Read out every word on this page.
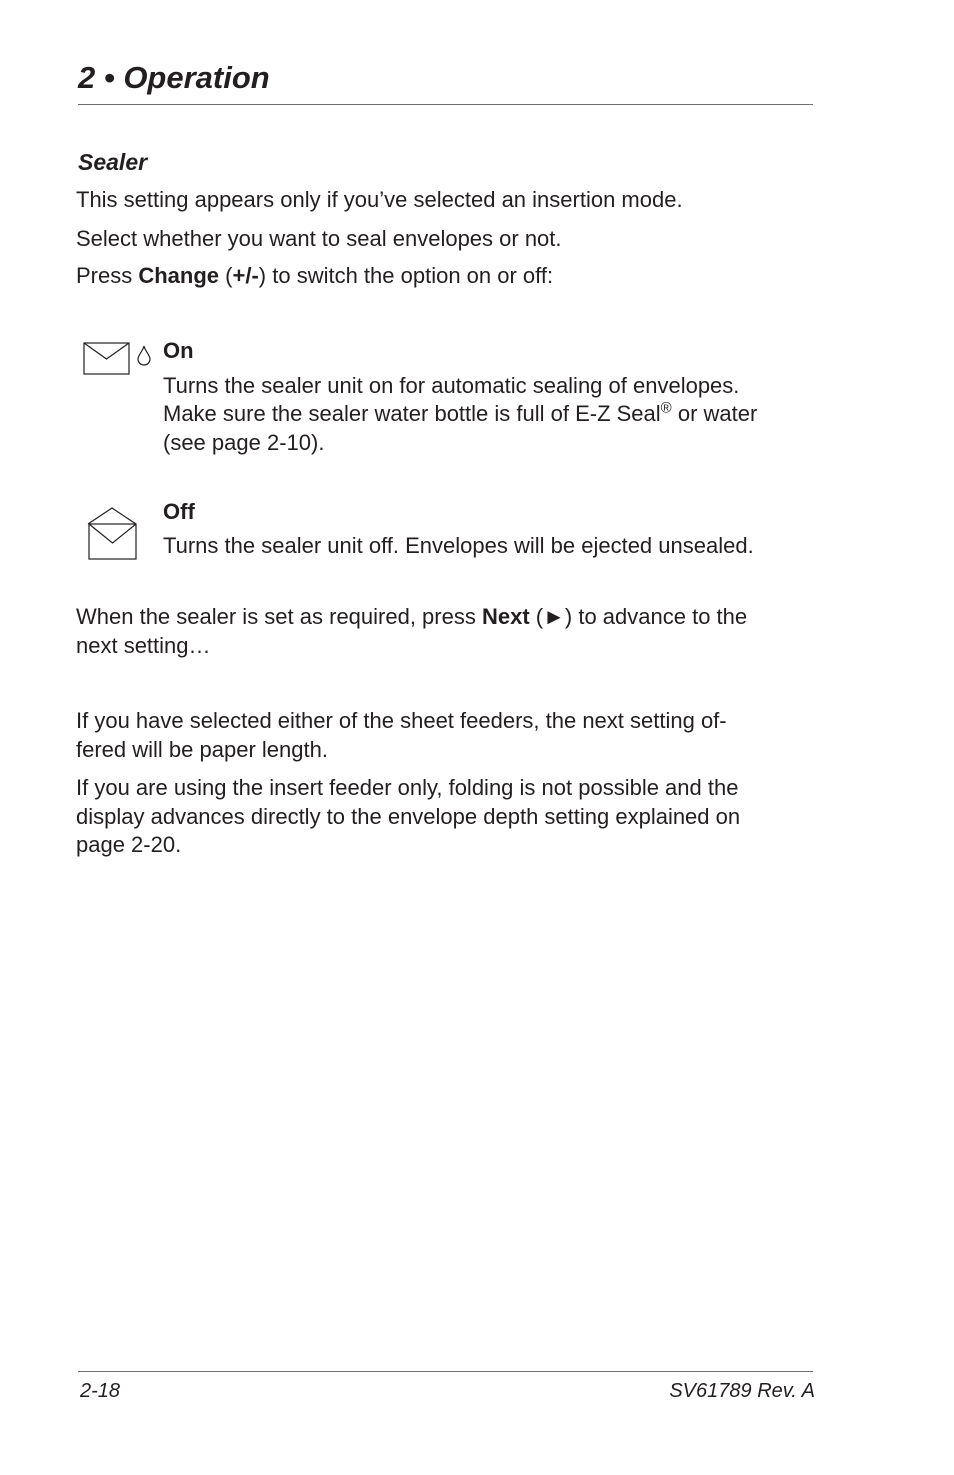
2 • Operation
Sealer

This setting appears only if you’ve selected an insertion mode.

Select whether you want to seal envelopes or not.

Press Change (+/-) to switch the option on or off:

On

Turns the sealer unit on for automatic sealing of envelopes.

Make sure the sealer water bottle is full of E-Z Seal® or water

(see page 2-10).

Off

Turns the sealer unit off. Envelopes will be ejected unsealed.

When the sealer is set as required, press Next (►) to advance to the

next setting…

If you have selected either of the sheet feeders, the next setting of-

fered will be paper length.

If you are using the insert feeder only, folding is not possible and the

display advances directly to the envelope depth setting explained on

page 2-20.

2-18	SV61789 Rev. A
